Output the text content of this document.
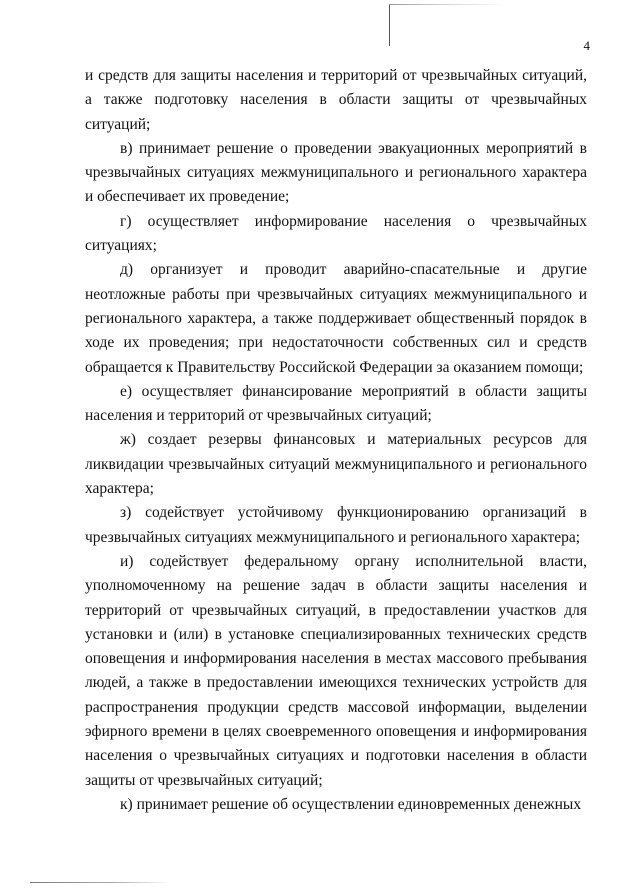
4

и средств для защиты населения и территорий от чрезвычайных ситуаций, а также подготовку населения в области защиты от чрезвычайных ситуаций;

в) принимает решение о проведении эвакуационных мероприятий в чрезвычайных ситуациях межмуниципального и регионального характера и обеспечивает их проведение;

г) осуществляет информирование населения о чрезвычайных ситуациях;

д) организует и проводит аварийно-спасательные и другие неотложные работы при чрезвычайных ситуациях межмуниципального и регионального характера, а также поддерживает общественный порядок в ходе их проведения; при недостаточности собственных сил и средств обращается к Правительству Российской Федерации за оказанием помощи;

е) осуществляет финансирование мероприятий в области защиты населения и территорий от чрезвычайных ситуаций;

ж) создает резервы финансовых и материальных ресурсов для ликвидации чрезвычайных ситуаций межмуниципального и регионального характера;

з) содействует устойчивому функционированию организаций в чрезвычайных ситуациях межмуниципального и регионального характера;

и) содействует федеральному органу исполнительной власти, уполномоченному на решение задач в области защиты населения и территорий от чрезвычайных ситуаций, в предоставлении участков для установки и (или) в установке специализированных технических средств оповещения и информирования населения в местах массового пребывания людей, а также в предоставлении имеющихся технических устройств для распространения продукции средств массовой информации, выделении эфирного времени в целях своевременного оповещения и информирования населения о чрезвычайных ситуациях и подготовки населения в области защиты от чрезвычайных ситуаций;

к) принимает решение об осуществлении единовременных денежных
